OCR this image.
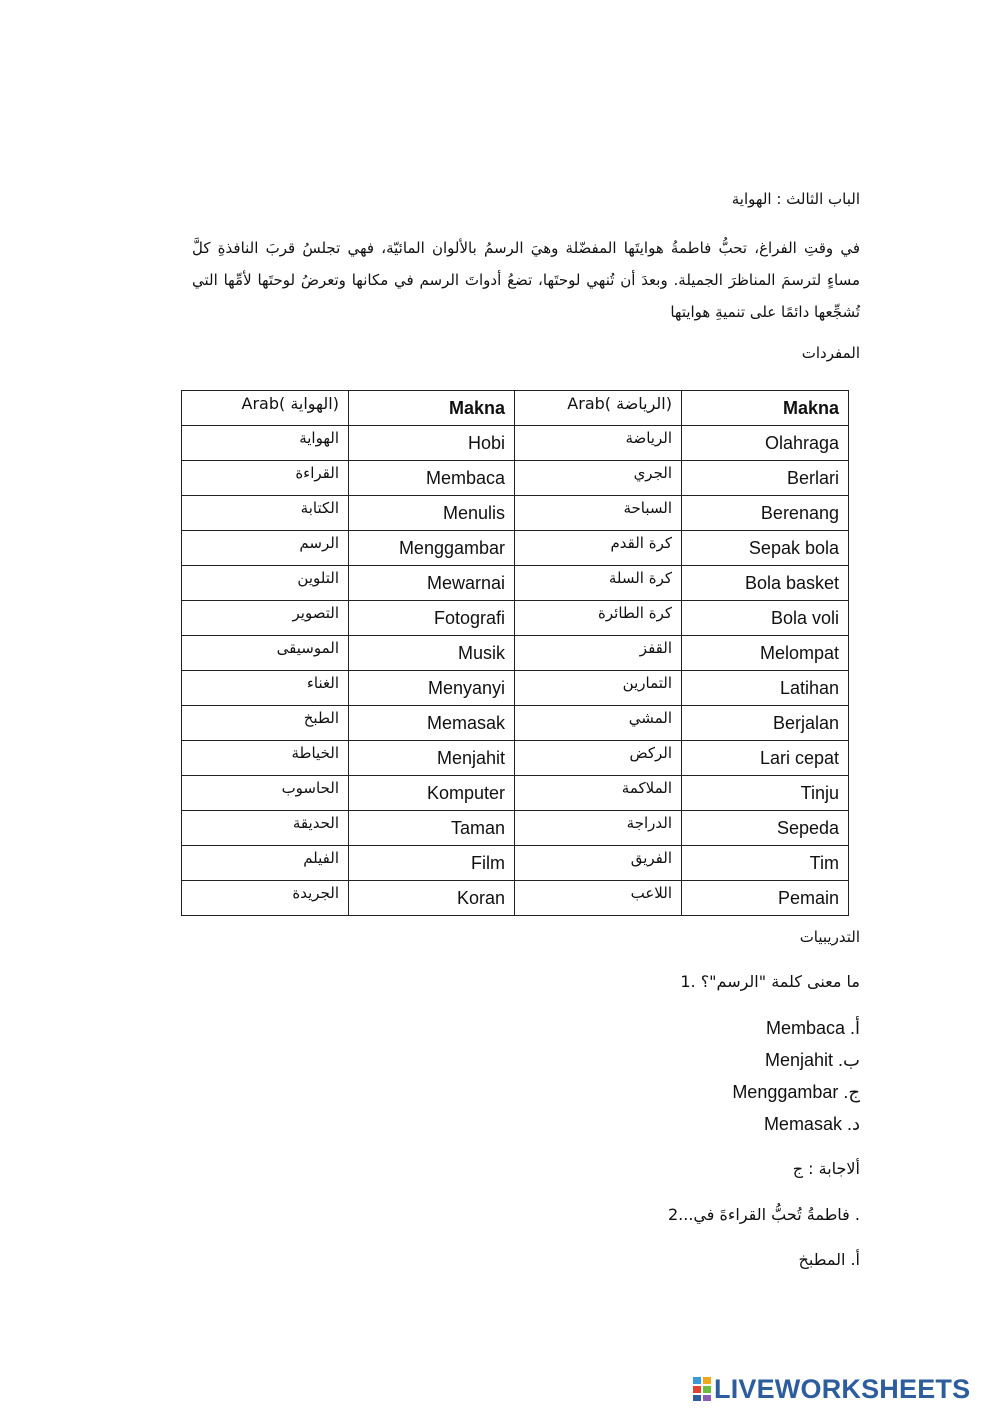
الباب الثالث : الهواية
في وقتِ الفراغ، تحبُّ فاطمةُ هوايتَها المفضّلة وهيَ الرسمُ بالألوان المائيّة، فهي تجلسُ قربَ النافذةِ كلَّ مساءٍ لترسمَ المناظرَ الجميلة. وبعدَ أن تُنهي لوحتَها، تضعُ أدواتَ الرسم في مكانها وتعرضُ لوحتَها لأمِّها التي تُشجِّعها دائمًا على تنميةِ هوايتها
المفردات
Arab( الهواية)	Makna	Arab( الرياضة)	Makna
الهواية	Hobi	الرياضة	Olahraga
القراءة	Membaca	الجري	Berlari
الكتابة	Menulis	السباحة	Berenang
الرسم	Menggambar	كرة القدم	Sepak bola
التلوين	Mewarnai	كرة السلة	Bola basket
التصوير	Fotografi	كرة الطائرة	Bola voli
الموسيقى	Musik	القفز	Melompat
الغناء	Menyanyi	التمارين	Latihan
الطبخ	Memasak	المشي	Berjalan
الخياطة	Menjahit	الركض	Lari cepat
الحاسوب	Komputer	الملاكمة	Tinju
الحديقة	Taman	الدراجة	Sepeda
الفيلم	Film	الفريق	Tim
الجريدة	Koran	اللاعب	Pemain
التدريبيات
ما معنى كلمة "الرسم"؟ .1
أ. Membaca
ب. Menjahit
ج. Menggambar
د. Memasak
ألاجابة : ج
. فاطمةُ تُحبُّ القراءةَ في...2
أ. المطبخ
LIVEWORKSHEETS
